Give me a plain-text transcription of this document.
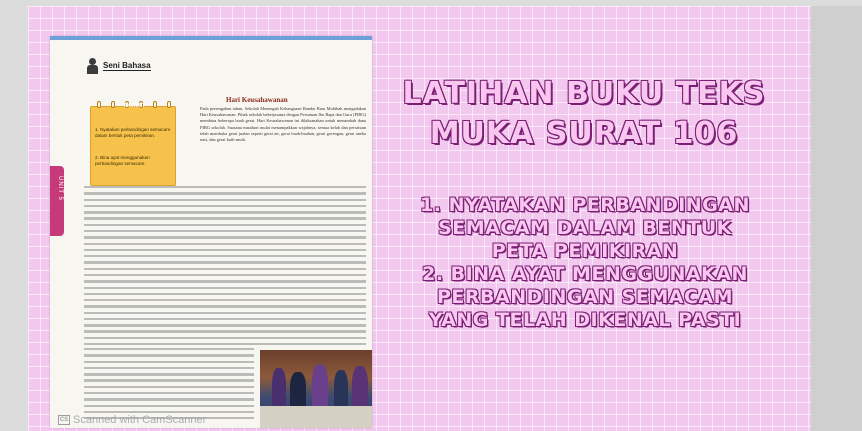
UNIT 5
Seni Bahasa
AKTIVITI
1. Nyatakan perbandingan semacam dalam bentuk peta pemikiran.
2. Bina ayat menggunakan perbandingan semacam.
Hari Keusahawanan
Pada pertengahan tahun, Sekolah Menengah Kebangsaan Bandar Baru Muhibah mengadakan Hari Keusahawanan. Pihak sekolah bekerjasama dengan Persatuan Ibu Bapa dan Guru (PIBG) membina beberapa buah gerai. Hari Keusahawanan ini dilaksanakan untuk menambah dana PIBG sekolah. Suasana matahari mulai menampakkan wajahnya, semua kelab dan persatuan telah membuka gerai jualan seperti gerai air, gerai buah-buahan, gerai gorengan, gerai aneka nasi, dan gerai kuih-muih.
CS Scanned with CamScanner
LATIHAN BUKU TEKS
MUKA SURAT 106
1. NYATAKAN PERBANDINGAN
SEMACAM DALAM BENTUK
PETA PEMIKIRAN
2. BINA AYAT MENGGUNAKAN
PERBANDINGAN SEMACAM
YANG TELAH DIKENAL PASTI
